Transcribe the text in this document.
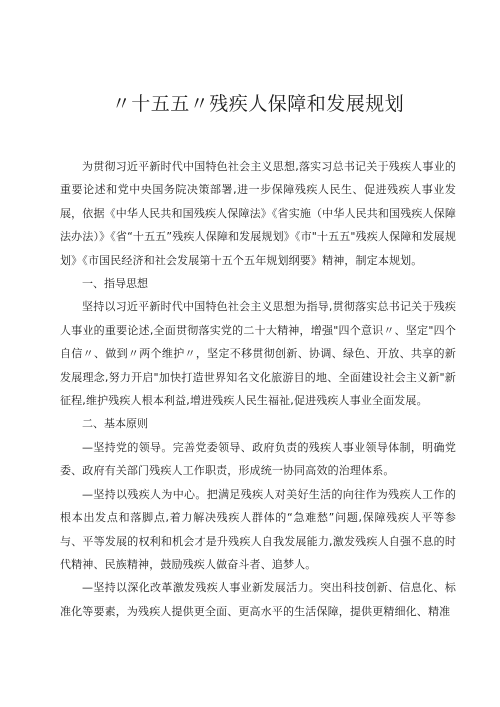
〃十五五〃残疾人保障和发展规划

为贯彻习近平新时代中国特色社会主义思想,落实习总书记关于残疾人事业的重要论述和党中央国务院决策部署,进一步保障残疾人民生、促进残疾人事业发展，依据《中华人民共和国残疾人保障法》《省实施（中华人民共和国残疾人保障法办法）》《省“十五五”残疾人保障和发展规划》《市"十五五"残疾人保障和发展规划》《市国民经济和社会发展第十五个五年规划纲要》精神，制定本规划。

一、指导思想

坚持以习近平新时代中国特色社会主义思想为指导,贯彻落实总书记关于残疾人事业的重要论述,全面贯彻落实党的二十大精神，增强"四个意识〃、坚定"四个自信〃、做到〃两个维护〃，坚定不移贯彻创新、协调、绿色、开放、共享的新发展理念,努力开启"加快打造世界知名文化旅游目的地、全面建设社会主义新"新征程,维护残疾人根本利益,增进残疾人民生福祉,促进残疾人事业全面发展。

二、基本原则

—坚持党的领导。完善党委领导、政府负责的残疾人事业领导体制，明确党委、政府有关部门残疾人工作职责，形成统一协同高效的治理体系。

—坚持以残疾人为中心。把满足残疾人对美好生活的向往作为残疾人工作的根本出发点和落脚点,着力解决残疾人群体的“急难愁”问题,保障残疾人平等参与、平等发展的权利和机会才是升残疾人自我发展能力,激发残疾人自强不息的时代精神、民族精神，鼓励残疾人做奋斗者、追梦人。

—坚持以深化改革激发残疾人事业新发展活力。突出科技创新、信息化、标准化等要素，为残疾人提供更全面、更高水平的生活保障，提供更精细化、精准
